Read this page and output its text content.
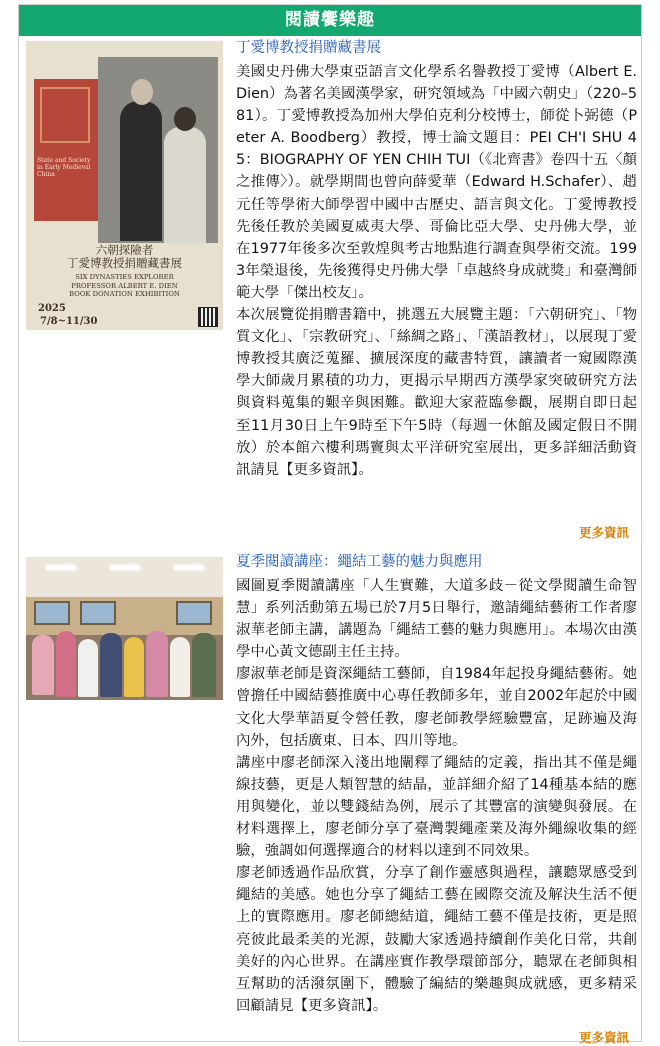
閱讀饗樂趣
State and Society in Early Medieval China
六朝探險者
丁愛博教授捐贈藏書展
SIX DYNASTIES EXPLORER
PROFESSOR ALBERT E. DIEN
BOOK DONATION EXHIBITION
2025
7/8~11/30
丁愛博教授捐贈藏書展

美國史丹佛大學東亞語言文化學系名譽教授丁愛博（Albert E. Dien）為著名美國漢學家，研究領域為「中國六朝史」（220–581）。丁愛博教授為加州大學伯克利分校博士，師從卜弼德（Peter A. Boodberg）教授，博士論文題目：PEI CH'I SHU 45：BIOGRAPHY OF YEN CHIH TUI（《北齊書》卷四十五〈顏之推傳〉）。就學期間也曾向薛愛華（Edward H.Schafer）、趙元任等學術大師學習中國中古歷史、語言與文化。丁愛博教授先後任教於美國夏威夷大學、哥倫比亞大學、史丹佛大學，並在1977年後多次至敦煌與考古地點進行調查與學術交流。1993年榮退後，先後獲得史丹佛大學「卓越終身成就獎」和臺灣師範大學「傑出校友」。

本次展覽從捐贈書籍中，挑選五大展覽主題：「六朝研究」、「物質文化」、「宗教研究」、「絲綢之路」、「漢語教材」，以展現丁愛博教授其廣泛蒐羅、擴展深度的藏書特質，讓讀者一窺國際漢學大師歲月累積的功力，更揭示早期西方漢學家突破研究方法與資料蒐集的艱辛與困難。歡迎大家蒞臨參觀，展期自即日起至11月30日上午9時至下午5時（每週一休館及國定假日不開放）於本館六樓利瑪竇與太平洋研究室展出，更多詳細活動資訊請見【更多資訊】。

更多資訊
夏季閱讀講座：繩結工藝的魅力與應用

國圖夏季閱讀講座「人生實難，大道多歧－從文學閱讀生命智慧」系列活動第五場已於7月5日舉行，邀請繩結藝術工作者廖淑華老師主講，講題為「繩結工藝的魅力與應用」。本場次由漢學中心黃文德副主任主持。

廖淑華老師是資深繩結工藝師，自1984年起投身繩結藝術。她曾擔任中國結藝推廣中心專任教師多年，並自2002年起於中國文化大學華語夏令營任教，廖老師教學經驗豐富，足跡遍及海內外，包括廣東、日本、四川等地。

講座中廖老師深入淺出地闡釋了繩結的定義，指出其不僅是繩線技藝，更是人類智慧的結晶，並詳細介紹了14種基本結的應用與變化，並以雙錢結為例，展示了其豐富的演變與發展。在材料選擇上，廖老師分享了臺灣製繩產業及海外繩線收集的經驗，強調如何選擇適合的材料以達到不同效果。

廖老師透過作品欣賞，分享了創作靈感與過程，讓聽眾感受到繩結的美感。她也分享了繩結工藝在國際交流及解決生活不便上的實際應用。廖老師總結道，繩結工藝不僅是技術，更是照亮彼此最柔美的光源，鼓勵大家透過持續創作美化日常，共創美好的內心世界。在講座實作教學環節部分，聽眾在老師與相互幫助的活潑氛圍下，體驗了編結的樂趣與成就感，更多精采回顧請見【更多資訊】。

更多資訊
